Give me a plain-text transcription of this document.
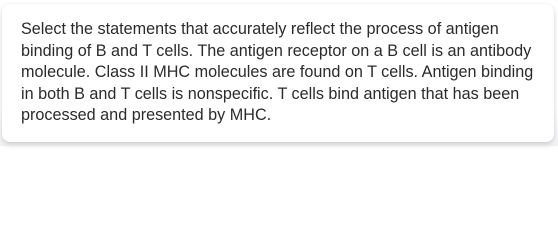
Select the statements that accurately reflect the process of antigen binding of B and T cells. The antigen receptor on a B cell is an antibody molecule. Class II MHC molecules are found on T cells. Antigen binding in both B and T cells is nonspecific. T cells bind antigen that has been processed and presented by MHC.
